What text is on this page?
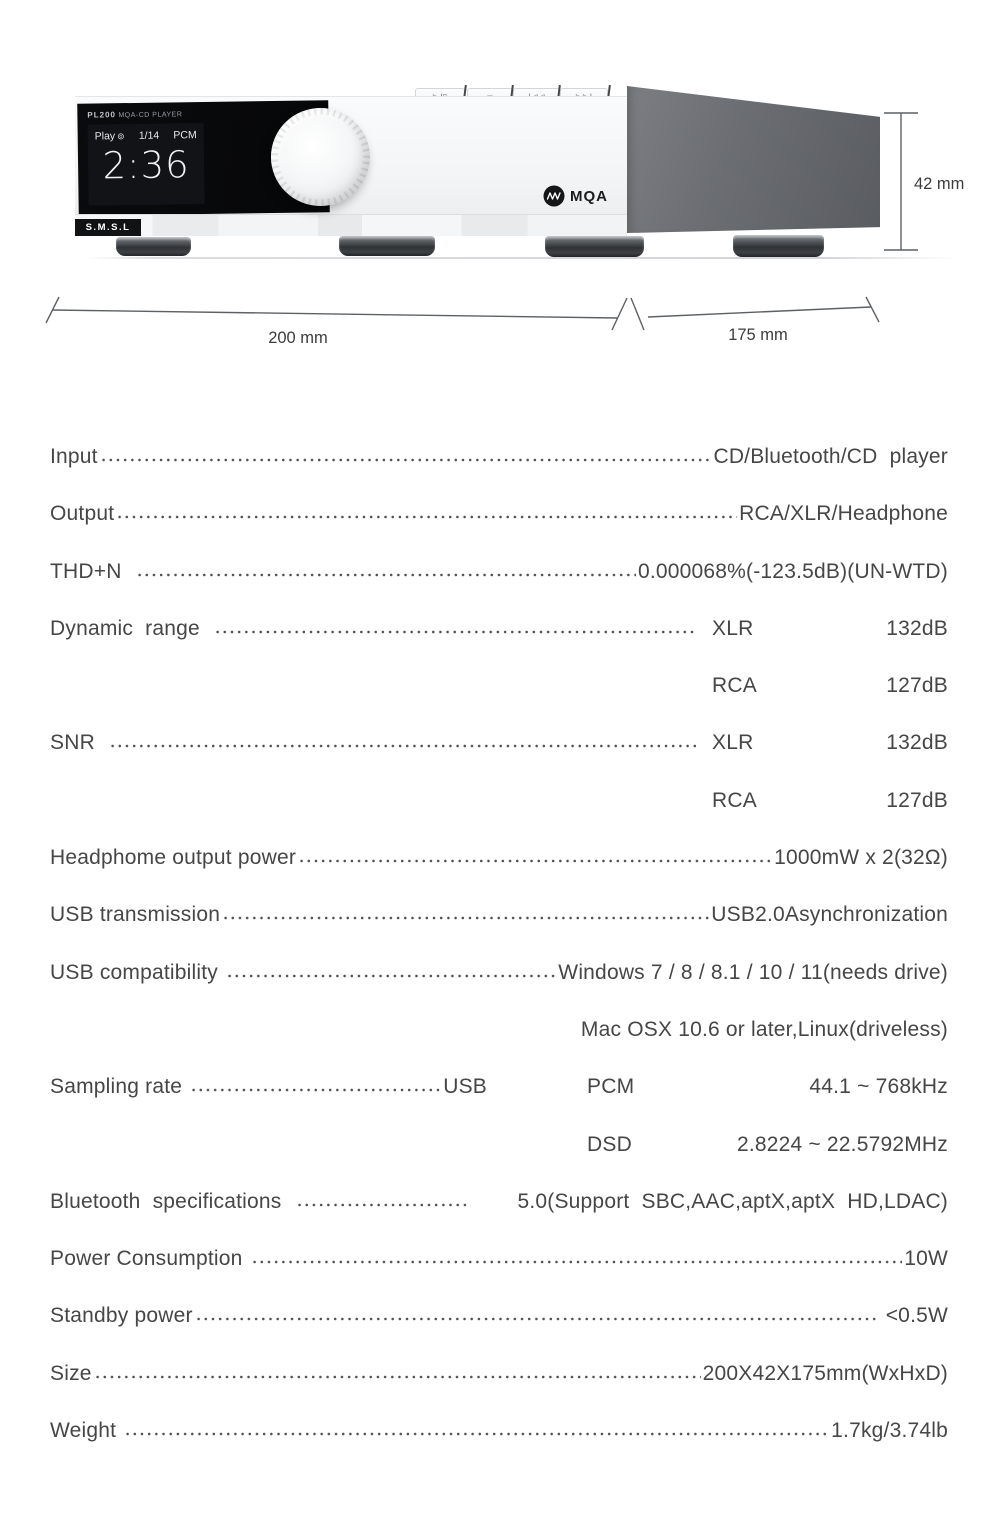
PL200 MQA-CD PLAYER
Play ⊚ 1/14 PCM
2:36
S.M.S.L
MQA
42 mm
200 mm	175 mm
Input	CD/Bluetooth/CD  player
Output	RCA/XLR/Headphone
THD+N	0.000068%(-123.5dB)(UN-WTD)
Dynamic  range	XLR	132dB
RCA	127dB
SNR	XLR	132dB
RCA	127dB
Headphome output power	1000mW x 2(32Ω)
USB transmission	USB2.0Asynchronization
USB compatibility	Windows 7 / 8 / 8.1 / 10 / 11(needs drive)
Mac OSX 10.6 or later,Linux(driveless)
Sampling rate	USB	PCM	44.1 ~ 768kHz
DSD	2.8224 ~ 22.5792MHz
Bluetooth  specifications	5.0(Support  SBC,AAC,aptX,aptX  HD,LDAC)
Power Consumption	10W
Standby power	<0.5W
Size	200X42X175mm(WxHxD)
Weight	1.7kg/3.74lb
